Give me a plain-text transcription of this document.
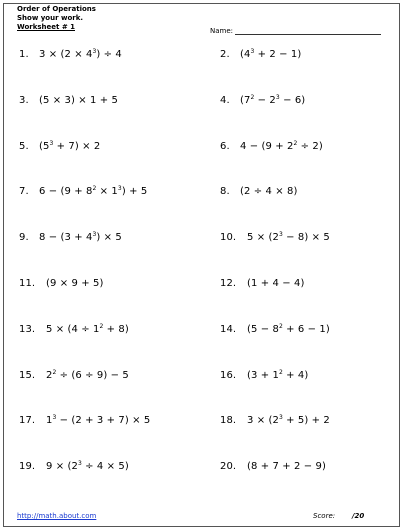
Order of Operations
Show your work.
Worksheet # 1	Name:
1. $3 \times (2 \times 4^3) \div 4$	2. $(4^3 + 2 - 1)$
3. (5 × 3) × 1 + 5	4. $(7^2 - 2^3 - 6)$
5. $(5^3 + 7) \times 2$	6. $4 - (9 + 2^2 \div 2)$
7. $6 - (9 + 8^2 \times 1^3) + 5$	8. (2 ÷ 4 × 8)
9. $8 - (3 + 4^3) \times 5$	10. $5 \times (2^3 - 8) \times 5$
11. (9 × 9 + 5)	12. (1 + 4 − 4)
13. $5 \times (4 \div 1^2 + 8)$	14. $(5 - 8^2 + 6 - 1)$
15. $2^2 \div (6 \div 9) - 5$	16. $(3 + 1^2 + 4)$
17. $1^3 - (2 + 3 + 7) \times 5$	18. $3 \times (2^3 + 5) + 2$
19. $9 \times (2^3 \div 4 \times 5)$	20. (8 + 7 + 2 − 9)
http://math.about.com	Score: /20
